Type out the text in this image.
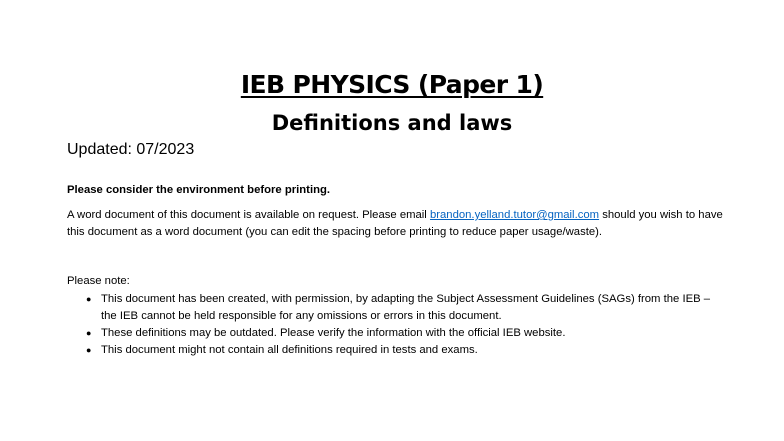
IEB PHYSICS (Paper 1)
Definitions and laws

Updated: 07/2023

Please consider the environment before printing.

A word document of this document is available on request. Please email brandon.yelland.tutor@gmail.com should you wish to have this document as a word document (you can edit the spacing before printing to reduce paper usage/waste).

Please note:

● This document has been created, with permission, by adapting the Subject Assessment Guidelines (SAGs) from the IEB – the IEB cannot be held responsible for any omissions or errors in this document.
● These definitions may be outdated. Please verify the information with the official IEB website.
● This document might not contain all definitions required in tests and exams.
